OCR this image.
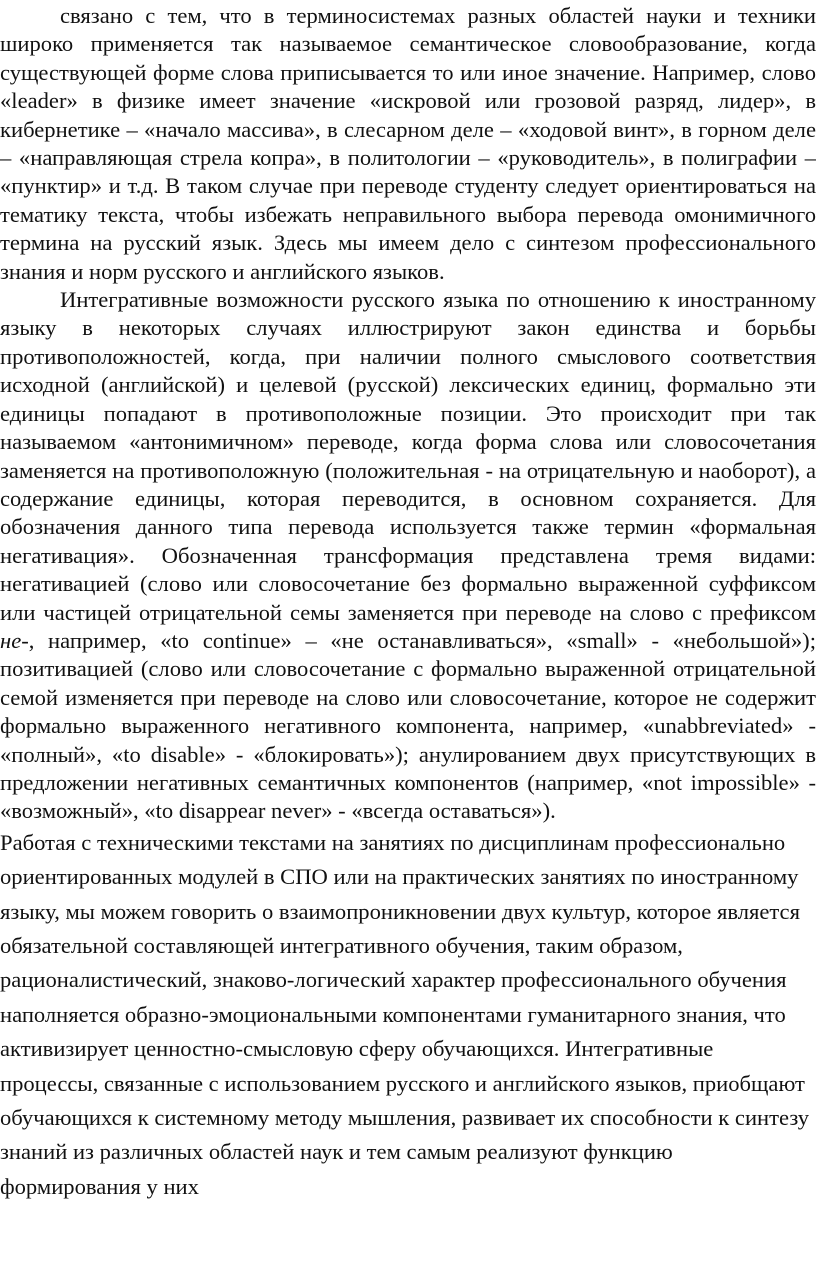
связано с тем, что в терминосистемах разных областей науки и техники широко применяется так называемое семантическое словообразование, когда существующей форме слова приписывается то или иное значение. Например, слово «leader» в физике имеет значение «искровой или грозовой разряд, лидер», в кибернетике – «начало массива», в слесарном деле – «ходовой винт», в горном деле – «направляющая стрела копра», в политологии – «руководитель», в полиграфии – «пунктир» и т.д. В таком случае при переводе студенту следует ориентироваться на тематику текста, чтобы избежать неправильного выбора перевода омонимичного термина на русский язык. Здесь мы имеем дело с синтезом профессионального знания и норм русского и английского языков.

Интегративные возможности русского языка по отношению к иностранному языку в некоторых случаях иллюстрируют закон единства и борьбы противоположностей, когда, при наличии полного смыслового соответствия исходной (английской) и целевой (русской) лексических единиц, формально эти единицы попадают в противоположные позиции. Это происходит при так называемом «антонимичном» переводе, когда форма слова или словосочетания заменяется на противоположную (положительная - на отрицательную и наоборот), а содержание единицы, которая переводится, в основном сохраняется. Для обозначения данного типа перевода используется также термин «формальная негативация». Обозначенная трансформация представлена тремя видами: негативацией (слово или словосочетание без формально выраженной суффиксом или частицей отрицательной семы заменяется при переводе на слово с префиксом не-, например, «to continue» – «не останавливаться», «small» - «небольшой»); позитивацией (слово или словосочетание с формально выраженной отрицательной семой изменяется при переводе на слово или словосочетание, которое не содержит формально выраженного негативного компонента, например, «unabbreviated» - «полный», «to disable» - «блокировать»); анулированием двух присутствующих в предложении негативных семантичных компонентов (например, «not impossible» - «возможный», «to disappear never» - «всегда оставаться»).

Работая с техническими текстами на занятиях по дисциплинам профессионально ориентированных модулей в СПО или на практических занятиях по иностранному языку, мы можем говорить о взаимопроникновении двух культур, которое является обязательной составляющей интегративного обучения, таким образом, рационалистический, знаково-логический характер профессионального обучения наполняется образно-эмоциональными компонентами гуманитарного знания, что активизирует ценностно-смысловую сферу обучающихся. Интегративные процессы, связанные с использованием русского и английского языков, приобщают обучающихся к системному методу мышления, развивает их способности к синтезу знаний из различных областей наук и тем самым реализуют функцию формирования у них
